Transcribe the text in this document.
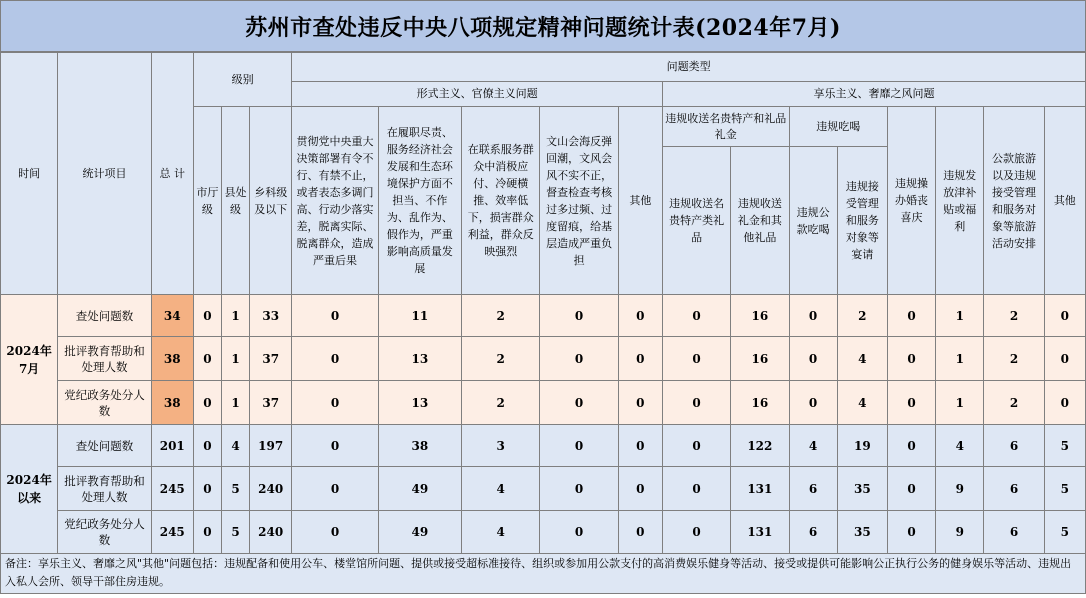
苏州市查处违反中央八项规定精神问题统计表(2024年7月)
时间	统计项目	总 计	级别			问题类型												
						形式主义、官僚主义问题					享乐主义、奢靡之风问题							
			市厅级	县处级	乡科级及以下	贯彻党中央重大决策部署有令不行、有禁不止，或者表态多调门高、行动少落实差，脱离实际、脱离群众，造成严重后果	在履职尽责、服务经济社会发展和生态环境保护方面不担当、不作为、乱作为、假作为，严重影响高质量发展	在联系服务群众中消极应付、冷硬横推、效率低下，损害群众利益，群众反映强烈	文山会海反弹回潮，文风会风不实不正，督查检查考核过多过频、过度留痕，给基层造成严重负担	其他	违规收送名贵特产和礼品礼金		违规吃喝		违规操办婚丧喜庆	违规发放津补贴或福利	公款旅游以及违规接受管理和服务对象等旅游活动安排	其他

											违规收送名贵特产类礼品	违规收送礼金和其他礼品	违规公款吃喝	违规接受管理和服务对象等宴请				
2024年7月	查处问题数	34	0	1	33	0	11	2	0	0	0	16	0	2	0	1	2	0
	批评教育帮助和处理人数	38	0	1	37	0	13	2	0	0	0	16	0	4	0	1	2	0
	党纪政务处分人数	38	0	1	37	0	13	2	0	0	0	16	0	4	0	1	2	0
2024年以来	查处问题数	201	0	4	197	0	38	3	0	0	0	122	4	19	0	4	6	5
	批评教育帮助和处理人数	245	0	5	240	0	49	4	0	0	0	131	6	35	0	9	6	5
	党纪政务处分人数	245	0	5	240	0	49	4	0	0	0	131	6	35	0	9	6	5
备注：享乐主义、奢靡之风"其他"问题包括：违规配备和使用公车、楼堂馆所问题、提供或接受超标准接待、组织或参加用公款支付的高消费娱乐健身等活动、接受或提供可能影响公正执行公务的健身娱乐等活动、违规出入私人会所、领导干部住房违规。
